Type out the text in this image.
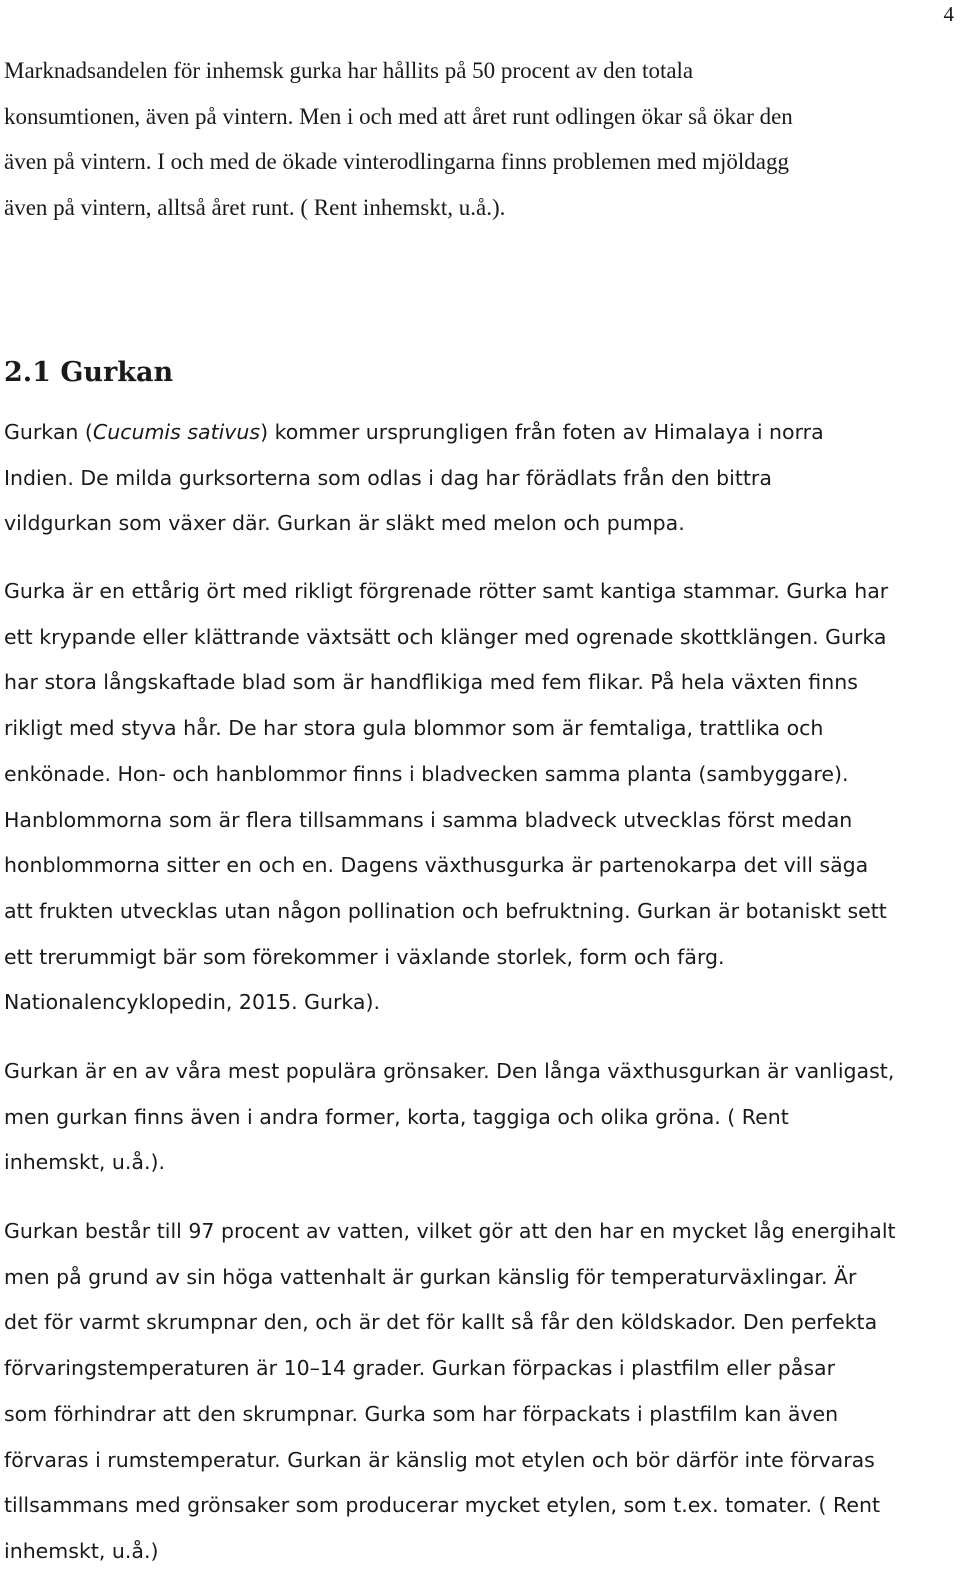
4

Marknadsandelen för inhemsk gurka har hållits på 50 procent av den totala
konsumtionen, även på vintern. Men i och med att året runt odlingen ökar så ökar den
även på vintern. I och med de ökade vinterodlingarna finns problemen med mjöldagg
även på vintern, alltså året runt. ( Rent inhemskt, u.å.).

2.1 Gurkan

Gurkan (Cucumis sativus) kommer ursprungligen från foten av Himalaya i norra
Indien. De milda gurksorterna som odlas i dag har förädlats från den bittra
vildgurkan som växer där. Gurkan är släkt med melon och pumpa.

Gurka är en ettårig ört med rikligt förgrenade rötter samt kantiga stammar. Gurka har
ett krypande eller klättrande växtsätt och klänger med ogrenade skottklängen. Gurka
har stora långskaftade blad som är handflikiga med fem flikar. På hela växten finns
rikligt med styva hår. De har stora gula blommor som är femtaliga, trattlika och
enkönade. Hon- och hanblommor finns i bladvecken samma planta (sambyggare).
Hanblommorna som är flera tillsammans i samma bladveck utvecklas först medan
honblommorna sitter en och en. Dagens växthusgurka är partenokarpa det vill säga
att frukten utvecklas utan någon pollination och befruktning. Gurkan är botaniskt sett
ett trerummigt bär som förekommer i växlande storlek, form och färg.
Nationalencyklopedin, 2015. Gurka).

Gurkan är en av våra mest populära grönsaker. Den långa växthusgurkan är vanligast,
men gurkan finns även i andra former, korta, taggiga och olika gröna. ( Rent
inhemskt, u.å.).

Gurkan består till 97 procent av vatten, vilket gör att den har en mycket låg energihalt
men på grund av sin höga vattenhalt är gurkan känslig för temperaturväxlingar. Är
det för varmt skrumpnar den, och är det för kallt så får den köldskador. Den perfekta
förvaringstemperaturen är 10–14 grader. Gurkan förpackas i plastfilm eller påsar
som förhindrar att den skrumpnar. Gurka som har förpackats i plastfilm kan även
förvaras i rumstemperatur. Gurkan är känslig mot etylen och bör därför inte förvaras
tillsammans med grönsaker som producerar mycket etylen, som t.ex. tomater. ( Rent
inhemskt, u.å.)
